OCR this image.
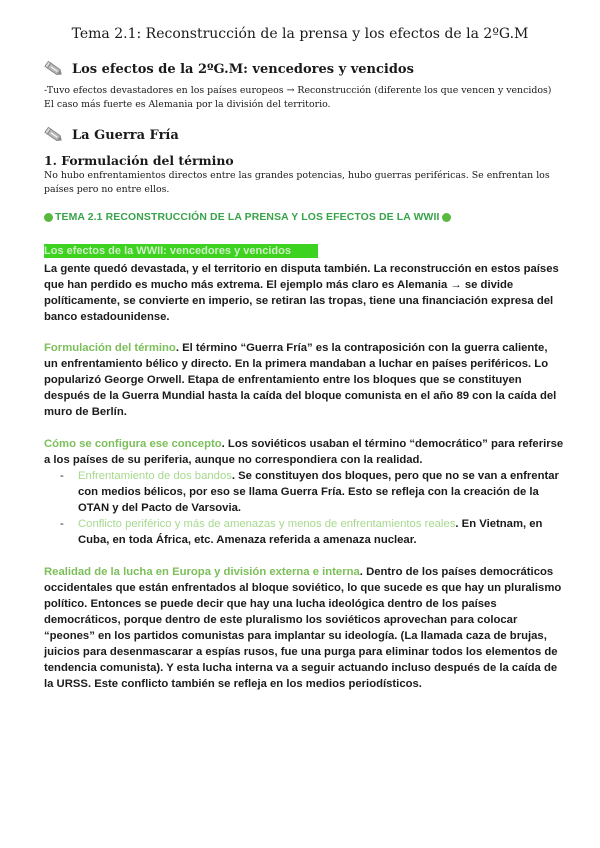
Tema 2.1: Reconstrucción de la prensa y los efectos de la 2ºG.M
Los efectos de la 2ºG.M: vencedores y vencidos

-Tuvo efectos devastadores en los países europeos → Reconstrucción (diferente los que vencen y vencidos) El caso más fuerte es Alemania por la división del territorio.

La Guerra Fría

1. Formulación del término

No hubo enfrentamientos directos entre las grandes potencias, hubo guerras periféricas. Se enfrentan los países pero no entre ellos.

TEMA 2.1 RECONSTRUCCIÓN DE LA PRENSA Y LOS EFECTOS DE LA WWII
Los efectos de la WWII: vencedores y vencidos

La gente quedó devastada, y el territorio en disputa también. La reconstrucción en estos países que han perdido es mucho más extrema. El ejemplo más claro es Alemania → se divide políticamente, se convierte en imperio, se retiran las tropas, tiene una financiación expresa del banco estadounidense.

Formulación del término. El término “Guerra Fría” es la contraposición con la guerra caliente, un enfrentamiento bélico y directo. En la primera mandaban a luchar en países periféricos. Lo popularizó George Orwell. Etapa de enfrentamiento entre los bloques que se constituyen después de la Guerra Mundial hasta la caída del bloque comunista en el año 89 con la caída del muro de Berlín.

Cómo se configura ese concepto. Los soviéticos usaban el término “democrático” para referirse a los países de su periferia, aunque no correspondiera con la realidad.

- Enfrentamiento de dos bandos. Se constituyen dos bloques, pero que no se van a enfrentar con medios bélicos, por eso se llama Guerra Fría. Esto se refleja con la creación de la OTAN y del Pacto de Varsovia.
- Conflicto periférico y más de amenazas y menos de enfrentamientos reales. En Vietnam, en Cuba, en toda África, etc. Amenaza referida a amenaza nuclear.

Realidad de la lucha en Europa y división externa e interna. Dentro de los países democráticos occidentales que están enfrentados al bloque soviético, lo que sucede es que hay un pluralismo político. Entonces se puede decir que hay una lucha ideológica dentro de los países democráticos, porque dentro de este pluralismo los soviéticos aprovechan para colocar “peones” en los partidos comunistas para implantar su ideología. (La llamada caza de brujas, juicios para desenmascarar a espías rusos, fue una purga para eliminar todos los elementos de tendencia comunista). Y esta lucha interna va a seguir actuando incluso después de la caída de la URSS. Este conflicto también se refleja en los medios periodísticos.
